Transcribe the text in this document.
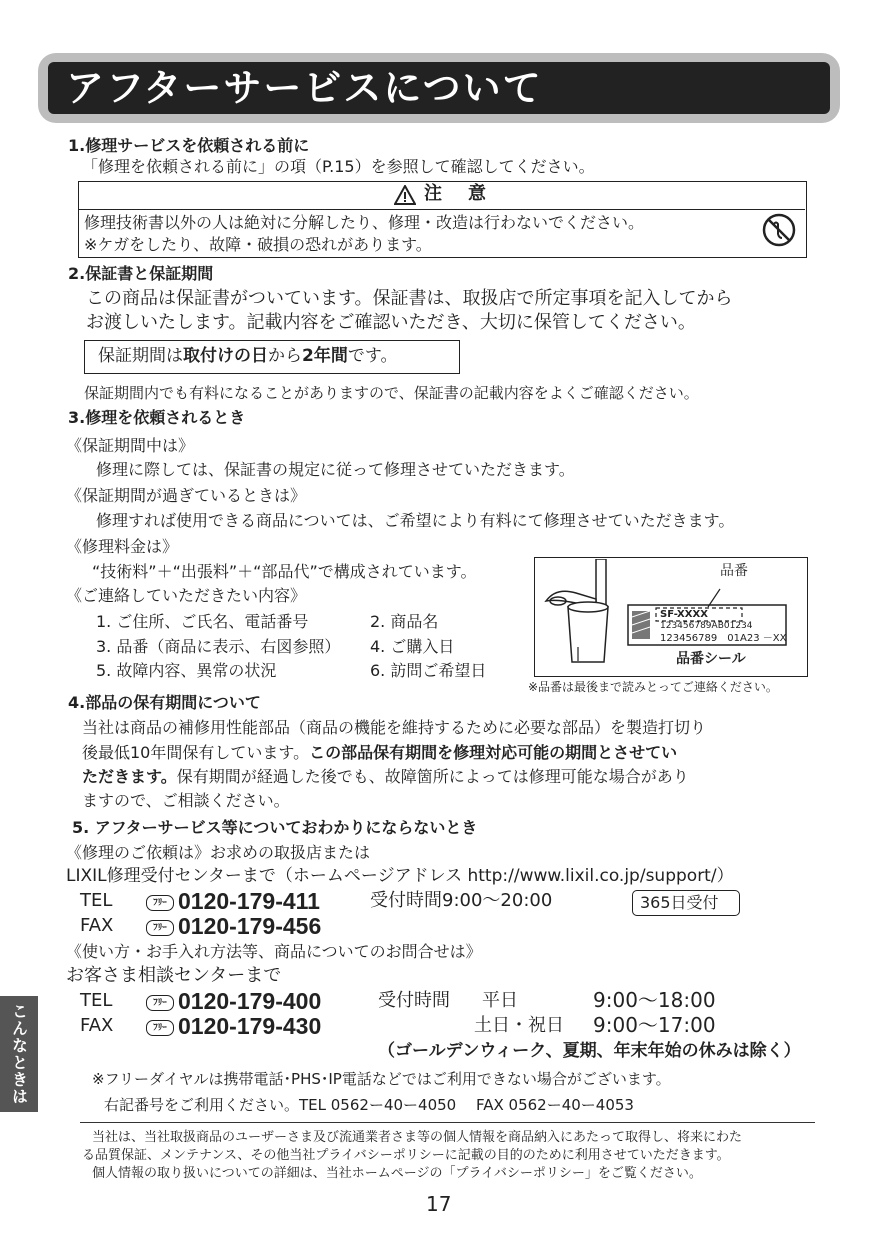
アフターサービスについて
1.修理サービスを依頼される前に
「修理を依頼される前に」の項（P.15）を参照して確認してください。
注　意
修理技術書以外の人は絶対に分解したり、修理・改造は行わないでください。
※ケガをしたり、故障・破損の恐れがあります。
2.保証書と保証期間
この商品は保証書がついています。保証書は、取扱店で所定事項を記入してから
お渡しいたします。記載内容をご確認いただき、大切に保管してください。
保証期間は取付けの日から2年間です。
保証期間内でも有料になることがありますので、保証書の記載内容をよくご確認ください。
3.修理を依頼されるとき
《保証期間中は》
修理に際しては、保証書の規定に従って修理させていただきます。
《保証期間が過ぎているときは》
修理すれば使用できる商品については、ご希望により有料にて修理させていただきます。
《修理料金は》
“技術料”＋“出張料”＋“部品代”で構成されています。
《ご連絡していただきたい内容》
1. ご住所、ご氏名、電話番号	2. 商品名
3. 品番（商品に表示、右図参照） 4. ご購入日
5. 故障内容、異常の状況	6. 訪問ご希望日
品番
SF-XXXX
123456789AB01234
123456789　01A23 －XX
品番シール
※品番は最後まで読みとってご連絡ください。
4.部品の保有期間について
当社は商品の補修用性能部品（商品の機能を維持するために必要な部品）を製造打切り
後最低10年間保有しています。この部品保有期間を修理対応可能の期間とさせてい
ただきます。保有期間が経過した後でも、故障箇所によっては修理可能な場合があり
ますので、ご相談ください。
5. アフターサービス等についておわかりにならないとき
《修理のご依頼は》お求めの取扱店または
LIXIL修理受付センターまで（ホームページアドレス http://www.lixil.co.jp/support/）
TEL	ﾌﾘｰ 0120-179-411	受付時間9:00〜20:00	365日受付
FAX	ﾌﾘｰ 0120-179-456
《使い方・お手入れ方法等、商品についてのお問合せは》
お客さま相談センターまで
TEL	ﾌﾘｰ 0120-179-400	受付時間 平日	9:00〜18:00
FAX	ﾌﾘｰ 0120-179-430	土日・祝日 9:00〜17:00
（ゴールデンウィーク、夏期、年末年始の休みは除く）
※フリーダイヤルは携帯電話･PHS･IP電話などではご利用できない場合がございます。
右記番号をご利用ください。TEL 0562ー40ー4050　 FAX 0562ー40ー4053
当社は、当社取扱商品のユーザーさま及び流通業者さま等の個人情報を商品納入にあたって取得し、将来にわた
る品質保証、メンテナンス、その他当社プライバシーポリシーに記載の目的のために利用させていただきます。
個人情報の取り扱いについての詳細は、当社ホームページの「プライバシーポリシー」をご覧ください。
17
こんなときは
